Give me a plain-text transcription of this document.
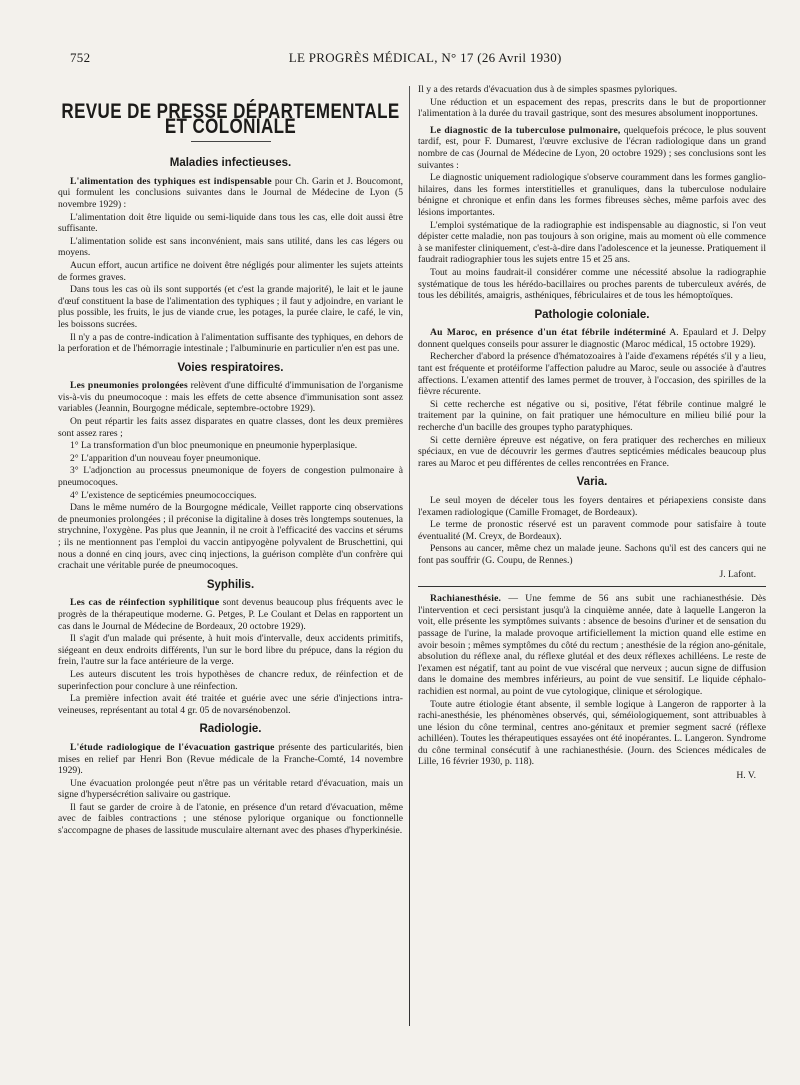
752	LE PROGRÈS MÉDICAL, N° 17 (26 Avril 1930)
REVUE DE PRESSE DÉPARTEMENTALE ET COLONIALE
Maladies infectieuses.

L'alimentation des typhiques est indispensable pour Ch. Garin et J. Boucomont, qui formulent les conclusions suivantes dans le Journal de Médecine de Lyon (5 novembre 1929) :

L'alimentation doit être liquide ou semi-liquide dans tous les cas, elle doit aussi être suffisante.

L'alimentation solide est sans inconvénient, mais sans utilité, dans les cas légers ou moyens.

Aucun effort, aucun artifice ne doivent être négligés pour alimenter les sujets atteints de formes graves.

Dans tous les cas où ils sont supportés (et c'est la grande majorité), le lait et le jaune d'œuf constituent la base de l'alimentation des typhiques ; il faut y adjoindre, en variant le plus possible, les fruits, le jus de viande crue, les potages, la purée claire, le café, le vin, les boissons sucrées.

Il n'y a pas de contre-indication à l'alimentation suffisante des typhiques, en dehors de la perforation et de l'hémorragie intestinale ; l'albuminurie en particulier n'en est pas une.

Voies respiratoires.

Les pneumonies prolongées relèvent d'une difficulté d'immunisation de l'organisme vis-à-vis du pneumocoque : mais les effets de cette absence d'immunisation sont assez variables (Jeannin, Bourgogne médicale, septembre-octobre 1929).

On peut répartir les faits assez disparates en quatre classes, dont les deux premières sont assez rares ;

1° La transformation d'un bloc pneumonique en pneumonie hyperplasique.

2° L'apparition d'un nouveau foyer pneumonique.

3° L'adjonction au processus pneumonique de foyers de congestion pulmonaire à pneumocoques.

4° L'existence de septicémies pneumococciques.

Dans le même numéro de la Bourgogne médicale, Veillet rapporte cinq observations de pneumonies prolongées ; il préconise la digitaline à doses très longtemps soutenues, la strychnine, l'oxygène. Pas plus que Jeannin, il ne croit à l'efficacité des vaccins et sérums ; ils ne mentionnent pas l'emploi du vaccin antipyogène polyvalent de Bruschettini, qui nous a donné en cinq jours, avec cinq injections, la guérison complète d'un confrère qui crachait une véritable purée de pneumocoques.

Syphilis.

Les cas de réinfection syphilitique sont devenus beaucoup plus fréquents avec le progrès de la thérapeutique moderne. G. Petges, P. Le Coulant et Delas en rapportent un cas dans le Journal de Médecine de Bordeaux, 20 octobre 1929).

Il s'agit d'un malade qui présente, à huit mois d'intervalle, deux accidents primitifs, siégeant en deux endroits différents, l'un sur le bord libre du prépuce, dans la région du frein, l'autre sur la face antérieure de la verge.

Les auteurs discutent les trois hypothèses de chancre redux, de réinfection et de superinfection pour conclure à une réinfection.

La première infection avait été traitée et guérie avec une série d'injections intra-veineuses, représentant au total 4 gr. 05 de novarsénobenzol.

Radiologie.

L'étude radiologique de l'évacuation gastrique présente des particularités, bien mises en relief par Henri Bon (Revue médicale de la Franche-Comté, 14 novembre 1929).

Une évacuation prolongée peut n'être pas un véritable retard d'évacuation, mais un signe d'hypersécrétion salivaire ou gastrique.

Il faut se garder de croire à de l'atonie, en présence d'un retard d'évacuation, même avec de faibles contractions ; une sténose pylorique organique ou fonctionnelle s'accompagne de phases de lassitude musculaire alternant avec des phases d'hyperkinésie.

Il y a des retards d'évacuation dus à de simples spasmes pyloriques.

Une réduction et un espacement des repas, prescrits dans le but de proportionner l'alimentation à la durée du travail gastrique, sont des mesures absolument inopportunes.

Le diagnostic de la tuberculose pulmonaire, quelquefois précoce, le plus souvent tardif, est, pour F. Dumarest, l'œuvre exclusive de l'écran radiologique dans un grand nombre de cas (Journal de Médecine de Lyon, 20 octobre 1929) ; ses conclusions sont les suivantes :

Le diagnostic uniquement radiologique s'observe couramment dans les formes ganglio-hilaires, dans les formes interstitielles et granuliques, dans la tuberculose nodulaire bénigne et chronique et enfin dans les formes fibreuses sèches, même parfois avec des lésions importantes.

L'emploi systématique de la radiographie est indispensable au diagnostic, si l'on veut dépister cette maladie, non pas toujours à son origine, mais au moment où elle commence à se manifester cliniquement, c'est-à-dire dans l'adolescence et la jeunesse. Pratiquement il faudrait radiographier tous les sujets entre 15 et 25 ans.

Tout au moins faudrait-il considérer comme une nécessité absolue la radiographie systématique de tous les hérédo-bacillaires ou proches parents de tuberculeux avérés, de tous les débilités, amaigris, asthéniques, fébriculaires et de tous les hémoptoïques.

Pathologie coloniale.

Au Maroc, en présence d'un état fébrile indéterminé A. Epaulard et J. Delpy donnent quelques conseils pour assurer le diagnostic (Maroc médical, 15 octobre 1929).

Rechercher d'abord la présence d'hématozoaires à l'aide d'examens répétés s'il y a lieu, tant est fréquente et protéiforme l'affection paludre au Maroc, seule ou associée à d'autres affections. L'examen attentif des lames permet de trouver, à l'occasion, des spirilles de la fièvre récurente.

Si cette recherche est négative ou si, positive, l'état fébrile continue malgré le traitement par la quinine, on fait pratiquer une hémoculture en milieu bilié pour la recherche d'un bacille des groupes typho paratyphiques.

Si cette dernière épreuve est négative, on fera pratiquer des recherches en milieux spéciaux, en vue de découvrir les germes d'autres septicémies médicales beaucoup plus rares au Maroc et peu différentes de celles rencontrées en France.

Varia.

Le seul moyen de déceler tous les foyers dentaires et périapexiens consiste dans l'examen radiologique (Camille Fromaget, de Bordeaux).

Le terme de pronostic réservé est un paravent commode pour satisfaire à toute éventualité (M. Creyx, de Bordeaux).

Pensons au cancer, même chez un malade jeune. Sachons qu'il est des cancers qui ne font pas souffrir (G. Coupu, de Rennes.)

J. Lafont.

Rachianesthésie. — Une femme de 56 ans subit une rachianesthésie. Dès l'intervention et ceci persistant jusqu'à la cinquième année, date à laquelle Langeron la voit, elle présente les symptômes suivants : absence de besoins d'uriner et de sensation du passage de l'urine, la malade provoque artificiellement la miction quand elle estime en avoir besoin ; mêmes symptômes du côté du rectum ; anesthésie de la région ano-génitale, absolution du réflexe anal, du réflexe glutéal et des deux réflexes achilléens. Le reste de l'examen est négatif, tant au point de vue viscéral que nerveux ; aucun signe de diffusion dans le domaine des membres inférieurs, au point de vue sensitif. Le liquide céphalo-rachidien est normal, au point de vue cytologique, clinique et sérologique.

Toute autre étiologie étant absente, il semble logique à Langeron de rapporter à la rachi-anesthésie, les phénomènes observés, qui, séméiologiquement, sont attribuables à une lésion du cône terminal, centres ano-génitaux et premier segment sacré (réflexe achilléen). Toutes les thérapeutiques essayées ont été inopérantes. L. Langeron. Syndrome du cône terminal consécutif à une rachianesthésie. (Journ. des Sciences médicales de Lille, 16 février 1930, p. 118).

H. V.
